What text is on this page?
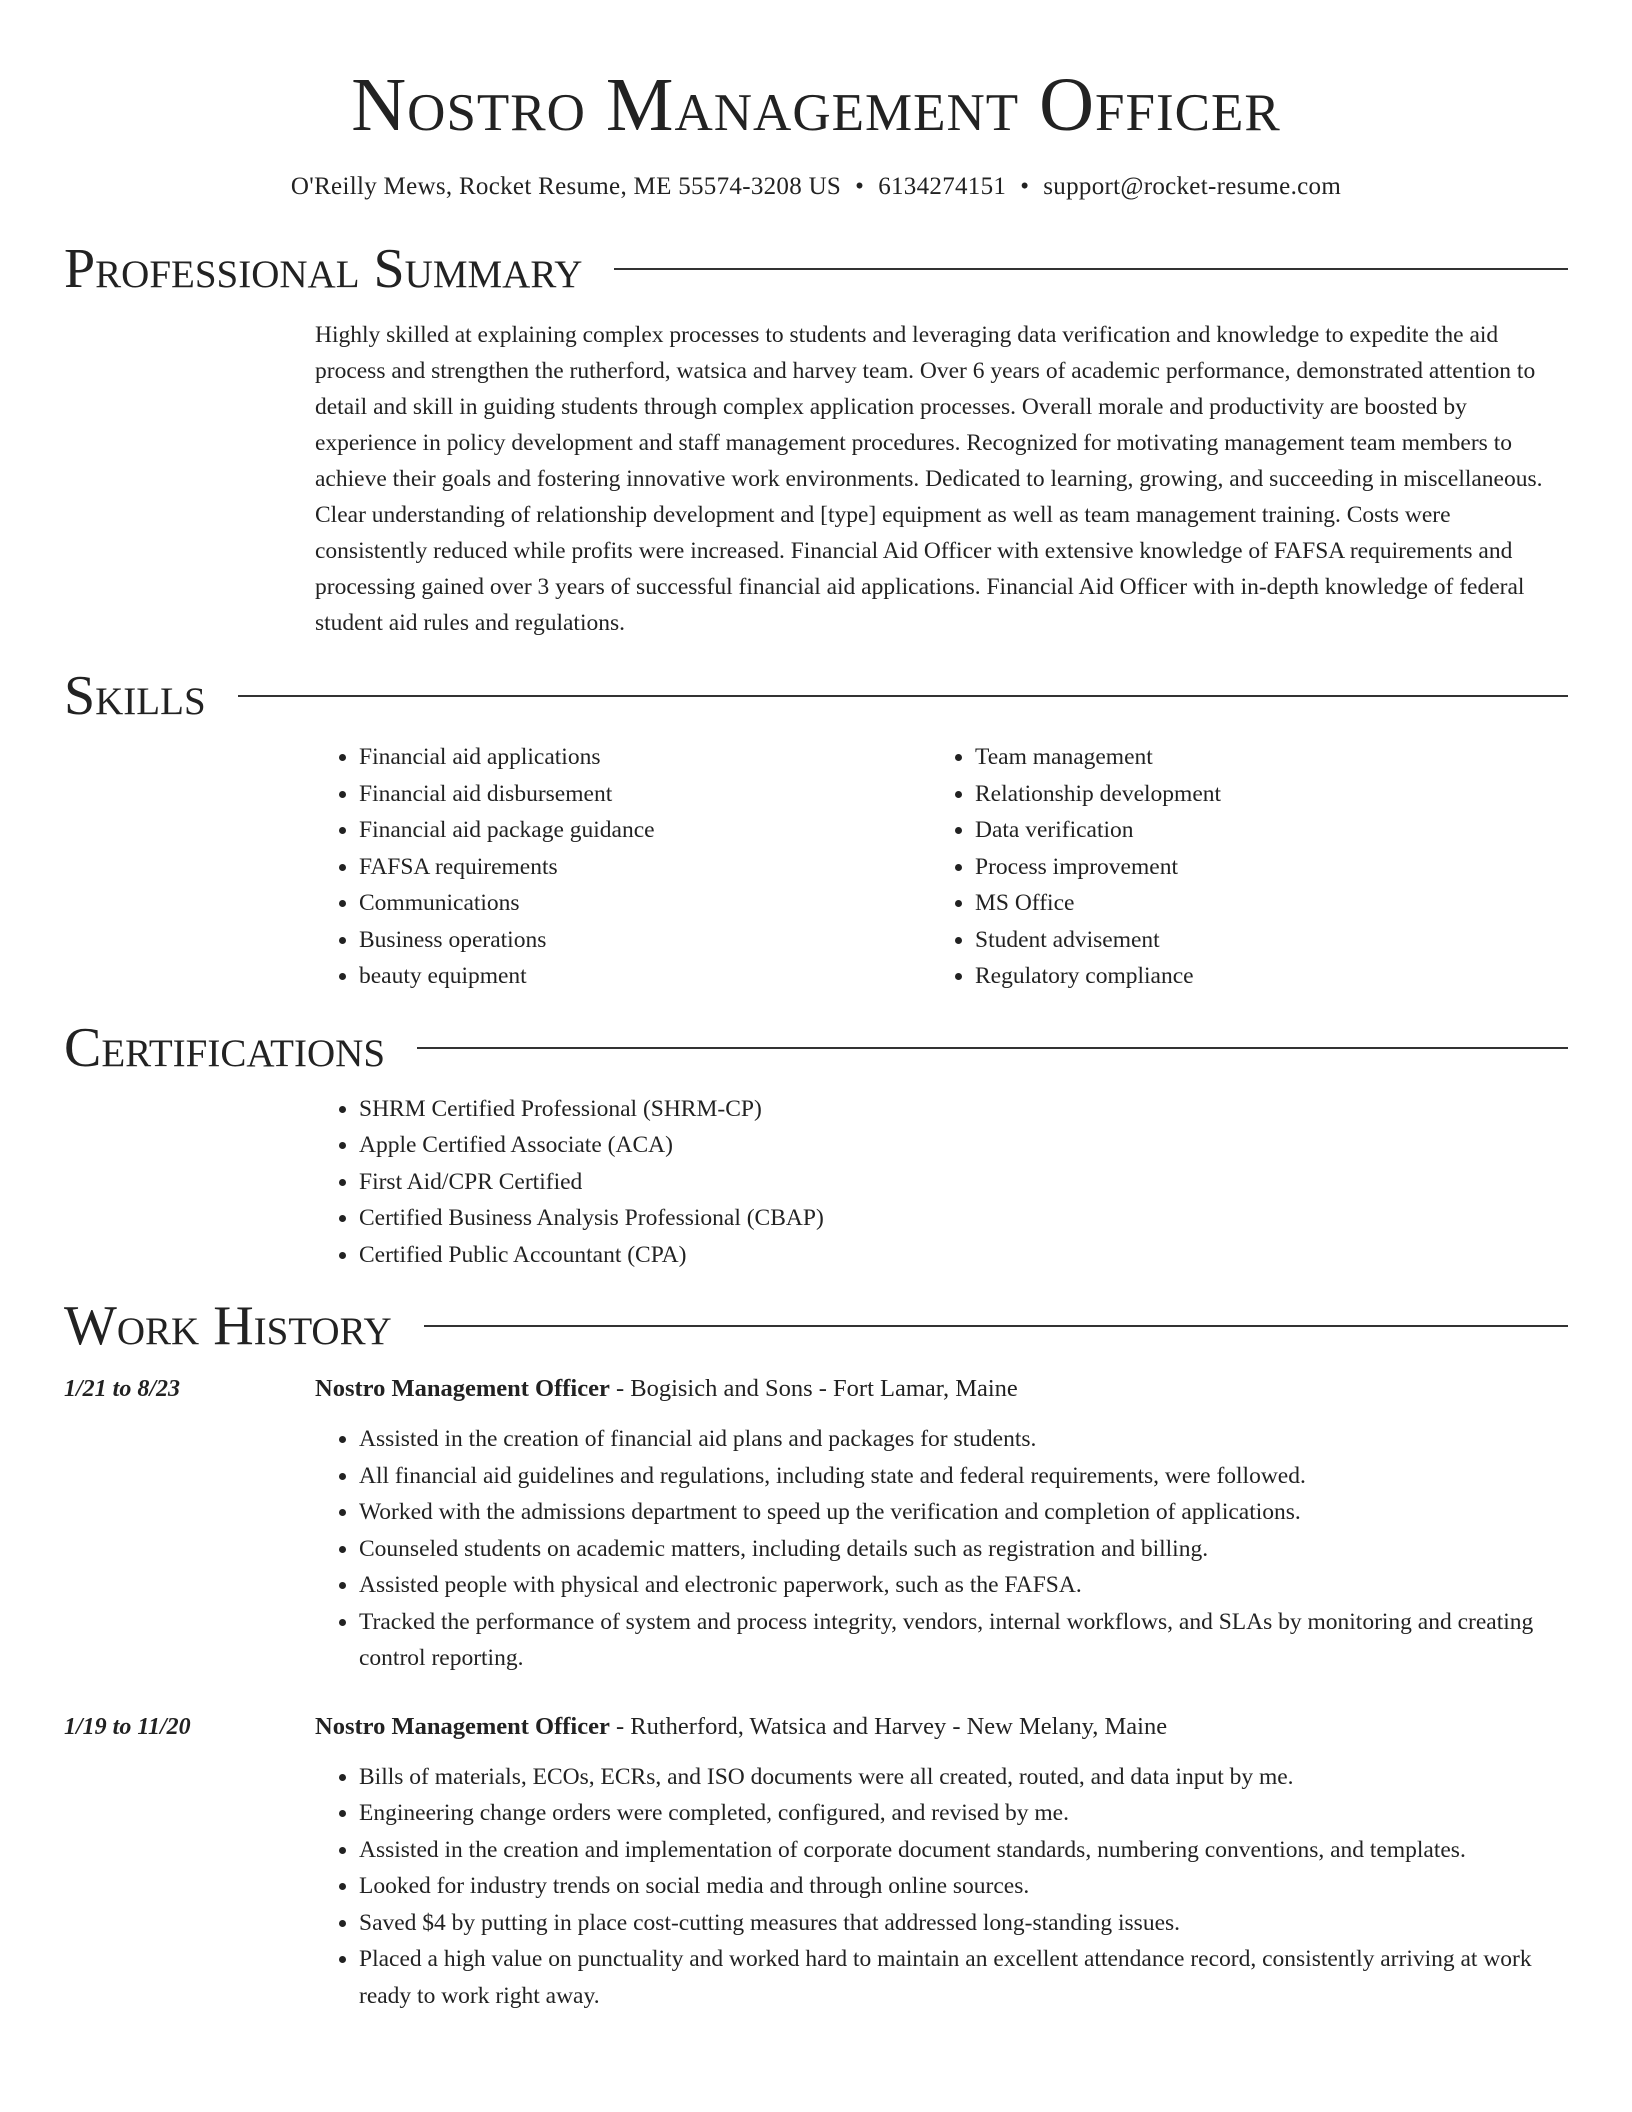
Nostro Management Officer
O'Reilly Mews, Rocket Resume, ME 55574-3208 US • 6134274151 • support@rocket-resume.com
Professional Summary

Highly skilled at explaining complex processes to students and leveraging data verification and knowledge to expedite the aid process and strengthen the rutherford, watsica and harvey team. Over 6 years of academic performance, demonstrated attention to detail and skill in guiding students through complex application processes. Overall morale and productivity are boosted by experience in policy development and staff management procedures. Recognized for motivating management team members to achieve their goals and fostering innovative work environments. Dedicated to learning, growing, and succeeding in miscellaneous. Clear understanding of relationship development and [type] equipment as well as team management training. Costs were consistently reduced while profits were increased. Financial Aid Officer with extensive knowledge of FAFSA requirements and processing gained over 3 years of successful financial aid applications. Financial Aid Officer with in-depth knowledge of federal student aid rules and regulations.

Skills
• Financial aid applications
• Financial aid disbursement
• Financial aid package guidance
• FAFSA requirements
• Communications
• Business operations
• beauty equipment
• Team management
• Relationship development
• Data verification
• Process improvement
• MS Office
• Student advisement
• Regulatory compliance
Certifications
• SHRM Certified Professional (SHRM-CP)
• Apple Certified Associate (ACA)
• First Aid/CPR Certified
• Certified Business Analysis Professional (CBAP)
• Certified Public Accountant (CPA)
Work History
1/21 to 8/23	Nostro Management Officer - Bogisich and Sons - Fort Lamar, Maine
• Assisted in the creation of financial aid plans and packages for students.
• All financial aid guidelines and regulations, including state and federal requirements, were followed.
• Worked with the admissions department to speed up the verification and completion of applications.
• Counseled students on academic matters, including details such as registration and billing.
• Assisted people with physical and electronic paperwork, such as the FAFSA.
• Tracked the performance of system and process integrity, vendors, internal workflows, and SLAs by monitoring and creating control reporting.
1/19 to 11/20	Nostro Management Officer - Rutherford, Watsica and Harvey - New Melany, Maine
• Bills of materials, ECOs, ECRs, and ISO documents were all created, routed, and data input by me.
• Engineering change orders were completed, configured, and revised by me.
• Assisted in the creation and implementation of corporate document standards, numbering conventions, and templates.
• Looked for industry trends on social media and through online sources.
• Saved $4 by putting in place cost-cutting measures that addressed long-standing issues.
• Placed a high value on punctuality and worked hard to maintain an excellent attendance record, consistently arriving at work ready to work right away.
